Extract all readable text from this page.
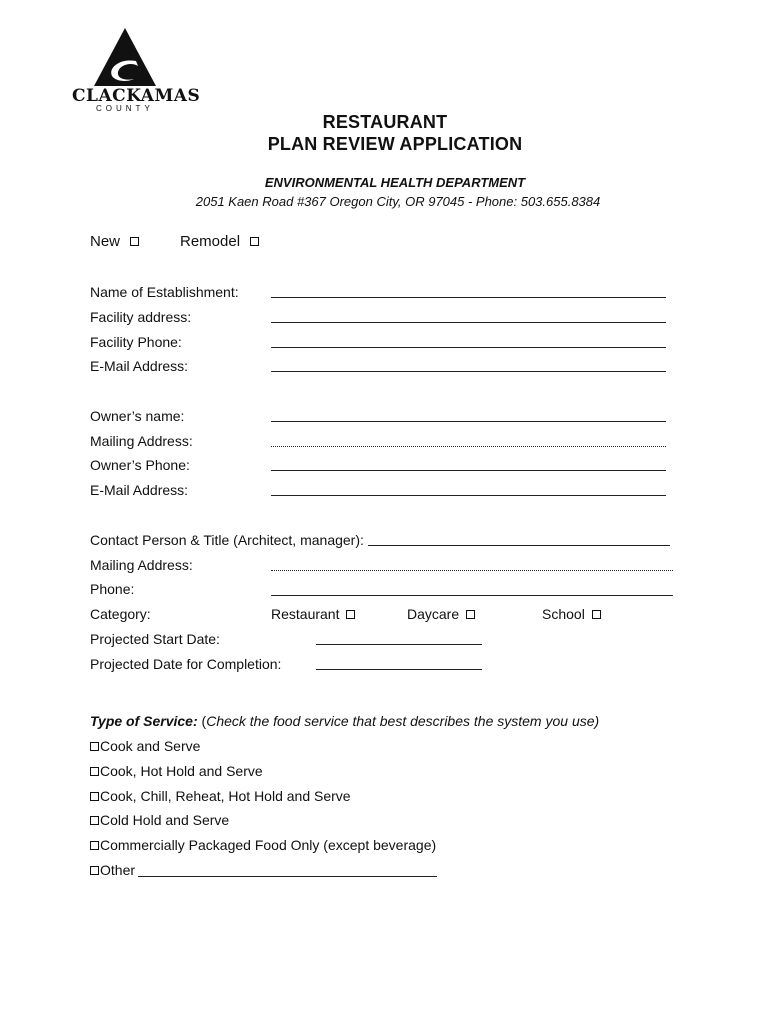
CLACKAMAS
COUNTY
RESTAURANT
PLAN REVIEW APPLICATION
ENVIRONMENTAL HEALTH DEPARTMENT
2051 Kaen Road #367 Oregon City, OR 97045 - Phone: 503.655.8384
New	Remodel
Name of Establishment:
Facility address:
Facility Phone:
E-Mail Address:
Owner’s name:
Mailing Address:
Owner’s Phone:
E-Mail Address:
Contact Person & Title (Architect, manager):
Mailing Address:
Phone:
Category:	Restaurant	Daycare	School
Projected Start Date:
Projected Date for Completion:
Type of Service: (Check the food service that best describes the system you use)
Cook and Serve
Cook, Hot Hold and Serve
Cook, Chill, Reheat, Hot Hold and Serve
Cold Hold and Serve
Commercially Packaged Food Only (except beverage)
Other
